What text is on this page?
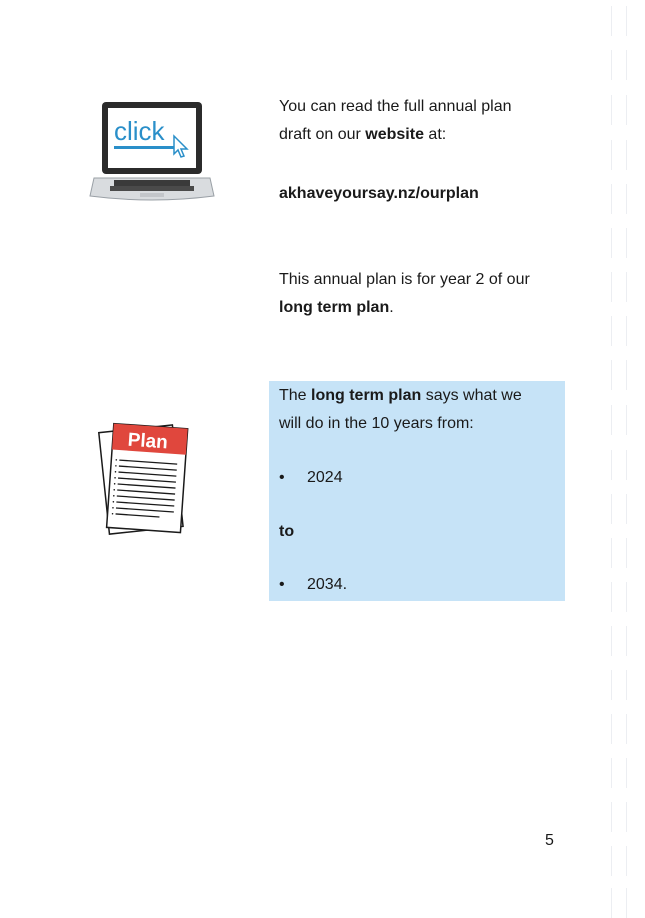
click
You can read the full annual plan
draft on our website at:
akhaveyoursay.nz/ourplan
This annual plan is for year 2 of our
long term plan.
The long term plan says what we
will do in the 10 years from:
• 2024
to
• 2034.
Plan
5
